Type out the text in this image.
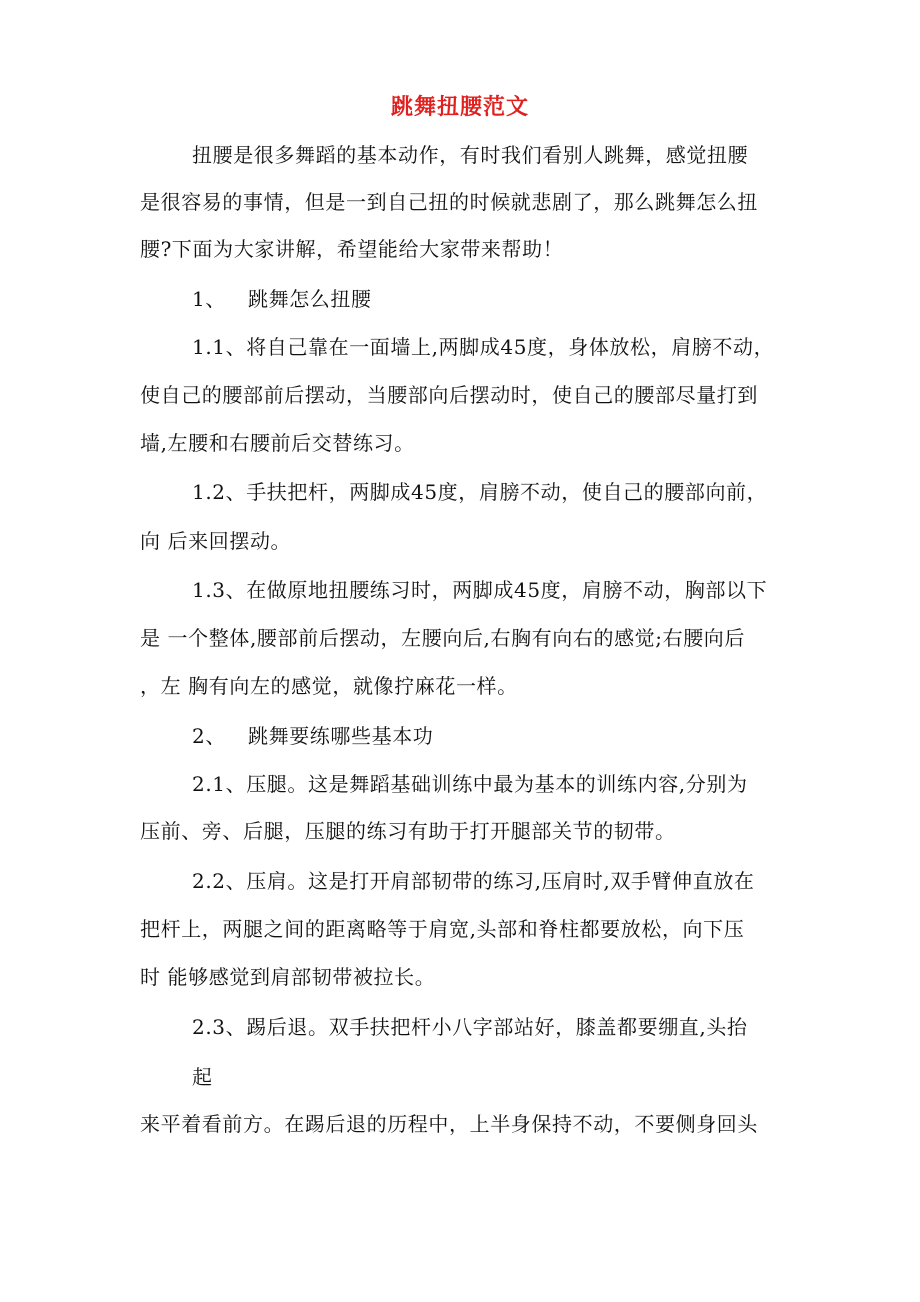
跳舞扭腰范文
扭腰是很多舞蹈的基本动作，有时我们看别人跳舞，感觉扭腰
是很容易的事情，但是一到自己扭的时候就悲剧了，那么跳舞怎么扭
腰?下面为大家讲解，希望能给大家带来帮助！
1、 跳舞怎么扭腰
1.1、将自己靠在一面墙上,两脚成45度，身体放松，肩膀不动，
使自己的腰部前后摆动，当腰部向后摆动时，使自己的腰部尽量打到
墙,左腰和右腰前后交替练习。
1.2、手扶把杆，两脚成45度，肩膀不动，使自己的腰部向前，
向 后来回摆动。
1.3、在做原地扭腰练习时，两脚成45度，肩膀不动，胸部以下
是 一个整体,腰部前后摆动，左腰向后,右胸有向右的感觉;右腰向后
，左 胸有向左的感觉，就像拧麻花一样。
2、 跳舞要练哪些基本功
2.1、压腿。这是舞蹈基础训练中最为基本的训练内容,分别为
压前、旁、后腿，压腿的练习有助于打开腿部关节的韧带。
2.2、压肩。这是打开肩部韧带的练习,压肩时,双手臂伸直放在
把杆上，两腿之间的距离略等于肩宽,头部和脊柱都要放松，向下压
时 能够感觉到肩部韧带被拉长。
2.3、踢后退。双手扶把杆小八字部站好，膝盖都要绷直,头抬
起
来平着看前方。在踢后退的历程中，上半身保持不动，不要侧身回头
